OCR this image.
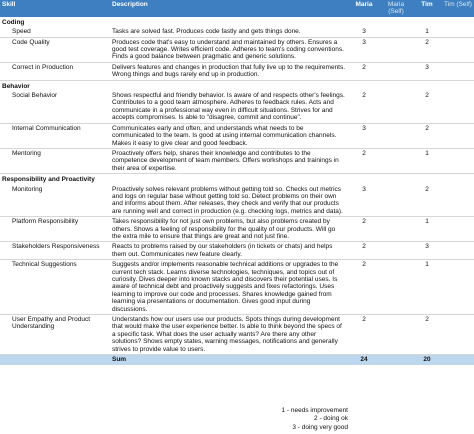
Skill	Description	Maria	Maria (Self)	Tim	Tim (Self)
Coding					
Speed	Tasks are solved fast. Produces code fastly and gets things done.	3		1	
Code Quality	Produces code that's easy to understand and maintained by others. Ensures a good test coverage. Writes efficient code. Adheres to team's coding conventions. Finds a good balance between pragmatic and generic solutions.	3		2	
Correct in Production	Delivers features and changes in production that fully live up to the requirements. Wrong things and bugs rarely end up in production.	2		3	
Behavior					
Social Behavior	Shows respectful and friendly behavior. Is aware of and respects other's feelings. Contributes to a good team atmosphere. Adheres to feedback rules. Acts and communicate in a professional way even in difficult situations. Strives for and accepts compromises. Is able to "disagree, commit and continue".	2		2	
Internal Communication	Communicates early and often, and understands what needs to be communicated to the team. Is good at using internal communication channels. Makes it easy to give clear and good feedback.	3		2	
Mentoring	Proactively offers help, shares their knowledge and contributes to the competence development of team members. Offers workshops and trainings in their area of expertise.	2		1	
Responsibility and Proactivity					
Monitoring	Proactively solves relevant problems without getting told so. Checks out metrics and logs on regular base without getting told so. Detect problems on their own and informs about them. After releases, they check and verify that our products are running well and correct in production (e.g. checking logs, metrics and data).	3		2	
Platform Responsibility	Takes responsibility for not just own problems, but also problems created by others. Shows a feeling of responsibility for the quality of our products. Will go the extra mile to ensure that things are great and not just fine.	2		1	
Stakeholders Responsiveness	Reacts to problems raised by our stakeholders (in tickets or chats) and helps them out. Communicates new feature clearly.	2		3	
Technical Suggestions	Suggests and/or implements reasonable technical additions or upgrades to the current tech stack. Learns diverse technologies, techniques, and topics out of curiosity. Dives deeper into known stacks and discovers their potential uses. Is aware of technical debt and proactively suggests and fixes refactorings. Uses learning to improve our code and processes. Shares knowledge gained from learning via presentations or documentation. Gives good input during discussions.	2		1	
User Empathy and Product Understanding	Understands how our users use our products. Spots things during development that would make the user experience better. Is able to think beyond the specs of a specific task. What does the user actually wants? Are there any other solutions? Shows empty states, warning messages, notifications and generally strives to provide value to users.	2		2	
	Sum	24		20	
1 - needs improvement
2 - doing ok
3 - doing very good
